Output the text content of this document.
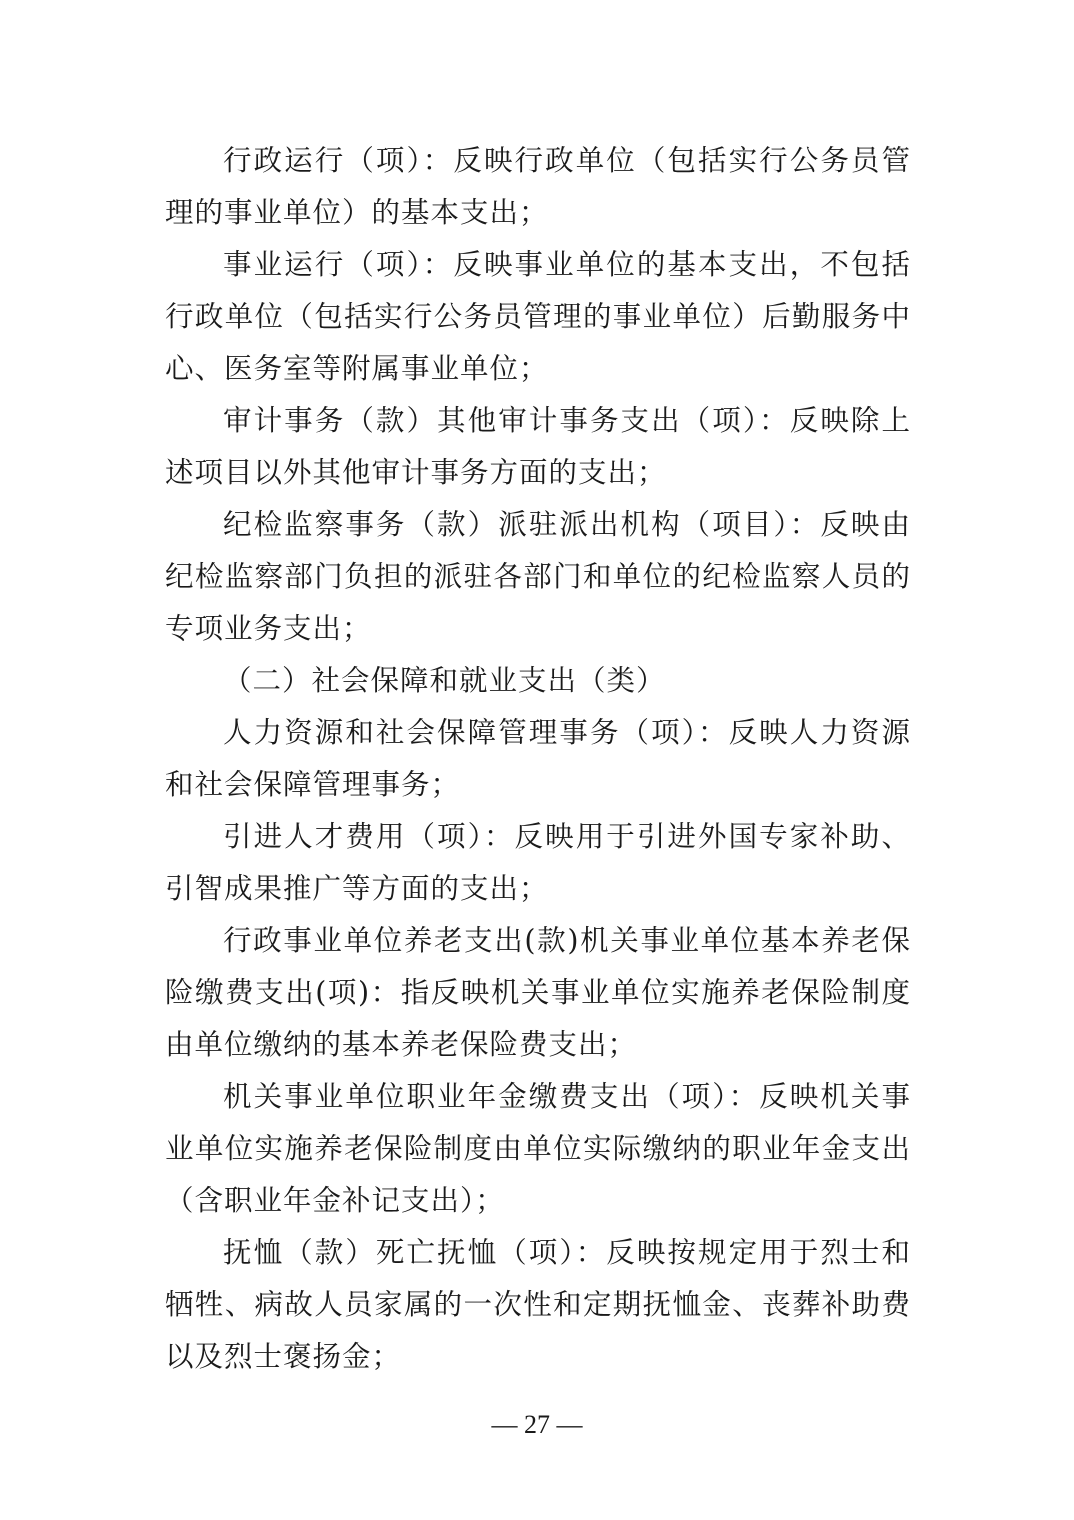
行政运行（项）：反映行政单位（包括实行公务员管理的事业单位）的基本支出；

事业运行（项）：反映事业单位的基本支出，不包括行政单位（包括实行公务员管理的事业单位）后勤服务中心、医务室等附属事业单位；

审计事务（款）其他审计事务支出（项）：反映除上述项目以外其他审计事务方面的支出；

纪检监察事务（款）派驻派出机构（项目）：反映由纪检监察部门负担的派驻各部门和单位的纪检监察人员的专项业务支出；

（二）社会保障和就业支出（类）

人力资源和社会保障管理事务（项）：反映人力资源和社会保障管理事务；

引进人才费用（项）：反映用于引进外国专家补助、引智成果推广等方面的支出；

行政事业单位养老支出(款)机关事业单位基本养老保险缴费支出(项)：指反映机关事业单位实施养老保险制度由单位缴纳的基本养老保险费支出；

机关事业单位职业年金缴费支出（项）：反映机关事业单位实施养老保险制度由单位实际缴纳的职业年金支出（含职业年金补记支出）；

抚恤（款）死亡抚恤（项）：反映按规定用于烈士和牺牲、病故人员家属的一次性和定期抚恤金、丧葬补助费以及烈士褒扬金；

— 27 —
